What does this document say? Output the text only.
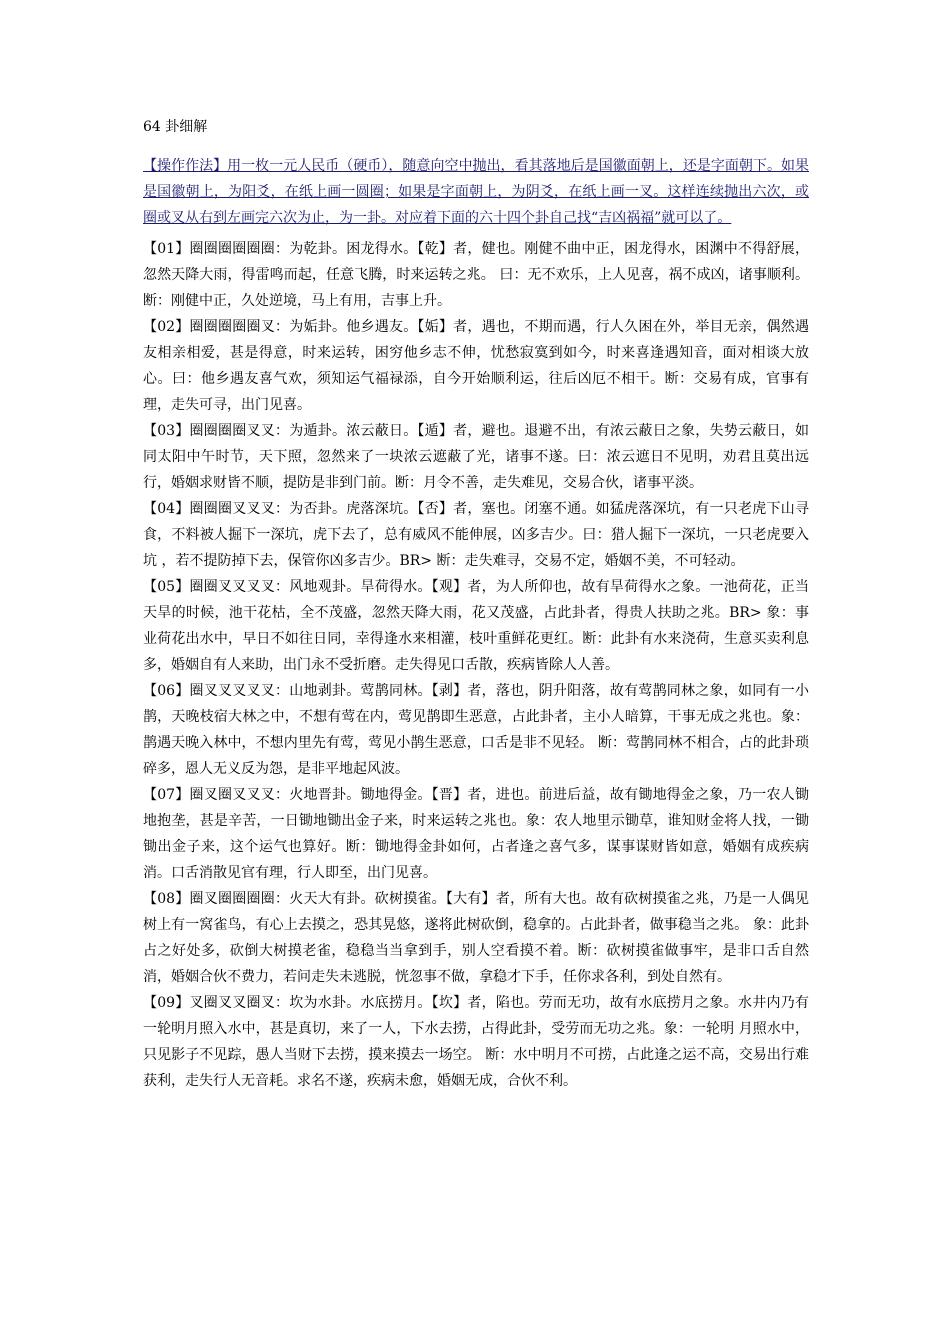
64 卦细解
【操作作法】用一枚一元人民币（硬币），随意向空中抛出，看其落地后是国徽面朝上，还是字面朝下。如果是国徽朝上，为阳爻，在纸上画一圆圈；如果是字面朝上，为阴爻，在纸上画一叉。这样连续抛出六次，或圈或叉从右到左画完六次为止，为一卦。对应着下面的六十四个卦自己找“吉凶祸福”就可以了。

【01】圈圈圈圈圈圈：为乾卦。困龙得水。【乾】者，健也。刚健不曲中正，困龙得水，困渊中不得舒展，忽然天降大雨，得雷鸣而起，任意飞腾，时来运转之兆。 曰：无不欢乐，上人见喜，祸不成凶，诸事顺利。断：刚健中正，久处逆境，马上有用，吉事上升。

【02】圈圈圈圈圈叉：为姤卦。他乡遇友。【姤】者，遇也，不期而遇，行人久困在外，举目无亲，偶然遇友相亲相爱，甚是得意，时来运转，困穷他乡志不伸，忧愁寂寞到如今，时来喜逢遇知音，面对相谈大放心。曰：他乡遇友喜气欢，须知运气福禄添，自今开始顺利运，往后凶厄不相干。断：交易有成，官事有理，走失可寻，出门见喜。

【03】圈圈圈圈叉叉：为遁卦。浓云蔽日。【遁】者，避也。退避不出，有浓云蔽日之象，失势云蔽日，如同太阳中午时节，天下照，忽然来了一块浓云遮蔽了光，诸事不遂。曰：浓云遮日不见明，劝君且莫出远行，婚姻求财皆不顺，提防是非到门前。断：月令不善，走失难见，交易合伙，诸事平淡。

【04】圈圈圈叉叉叉：为否卦。虎落深坑。【否】者，塞也。闭塞不通。如猛虎落深坑，有一只老虎下山寻食，不料被人掘下一深坑，虎下去了，总有威风不能伸展，凶多吉少。曰：猎人掘下一深坑，一只老虎要入坑 ，若不提防掉下去，保管你凶多吉少。BR> 断：走失难寻，交易不定，婚姻不美，不可轻动。

【05】圈圈叉叉叉叉：风地观卦。旱荷得水。【观】者，为人所仰也，故有旱荷得水之象。一池荷花，正当天旱的时候，池干花枯，全不茂盛，忽然天降大雨，花又茂盛，占此卦者，得贵人扶助之兆。BR> 象：事业荷花出水中，早日不如往日同，幸得逢水来相灌，枝叶重鲜花更红。断：此卦有水来浇荷，生意买卖利息多，婚姻自有人来助，出门永不受折磨。走失得见口舌散，疾病皆除人人善。

【06】圈叉叉叉叉叉：山地剥卦。莺鹊同林。【剥】者，落也，阴升阳落，故有莺鹊同林之象，如同有一小鹊，天晚枝宿大林之中，不想有莺在内，莺见鹊即生恶意，占此卦者，主小人暗算，干事无成之兆也。象：鹊遇天晚入林中，不想内里先有莺，莺见小鹊生恶意，口舌是非不见轻。 断：莺鹊同林不相合，占的此卦琐碎多，恩人无义反为怨，是非平地起风波。

【07】圈叉圈叉叉叉：火地晋卦。锄地得金。【晋】者，进也。前进后益，故有锄地得金之象，乃一农人锄地抱垄，甚是辛苦，一日锄地锄出金子来，时来运转之兆也。象：农人地里示锄草，谁知财金将人找，一锄锄出金子来，这个运气也算好。断：锄地得金卦如何，占者逢之喜气多，谋事谋财皆如意，婚姻有成疾病消。口舌消散见官有理，行人即至，出门见喜。

【08】圈叉圈圈圈圈：火天大有卦。砍树摸雀。【大有】者，所有大也。故有砍树摸雀之兆，乃是一人偶见树上有一窝雀鸟，有心上去摸之，恐其晃悠，遂将此树砍倒，稳拿的。占此卦者，做事稳当之兆。 象：此卦占之好处多，砍倒大树摸老雀，稳稳当当拿到手，别人空看摸不着。断：砍树摸雀做事牢，是非口舌自然消，婚姻合伙不费力，若问走失未逃脱，恍忽事不做，拿稳才下手，任你求各利，到处自然有。

【09】叉圈叉叉圈叉：坎为水卦。水底捞月。【坎】者，陷也。劳而无功，故有水底捞月之象。水井内乃有一轮明月照入水中，甚是真切，来了一人，下水去捞，占得此卦，受劳而无功之兆。象：一轮明 月照水中，只见影子不见踪，愚人当财下去捞，摸来摸去一场空。 断：水中明月不可捞，占此逢之运不高，交易出行难获利，走失行人无音耗。求名不遂，疾病未愈，婚姻无成，合伙不利。
